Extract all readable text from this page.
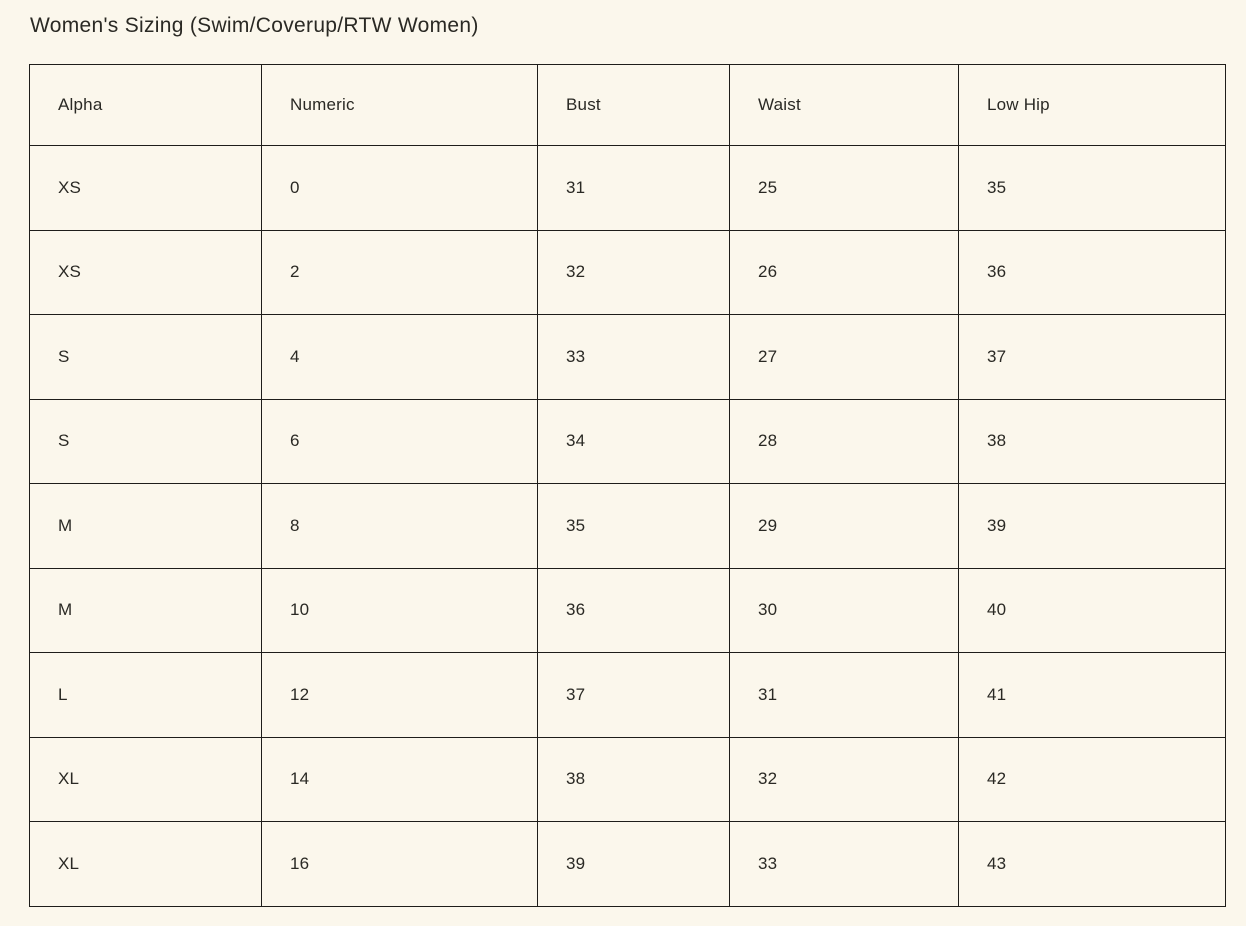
Women's Sizing (Swim/Coverup/RTW Women)
Alpha	Numeric	Bust	Waist	Low Hip
XS	0	31	25	35
XS	2	32	26	36
S	4	33	27	37
S	6	34	28	38
M	8	35	29	39
M	10	36	30	40
L	12	37	31	41
XL	14	38	32	42
XL	16	39	33	43
